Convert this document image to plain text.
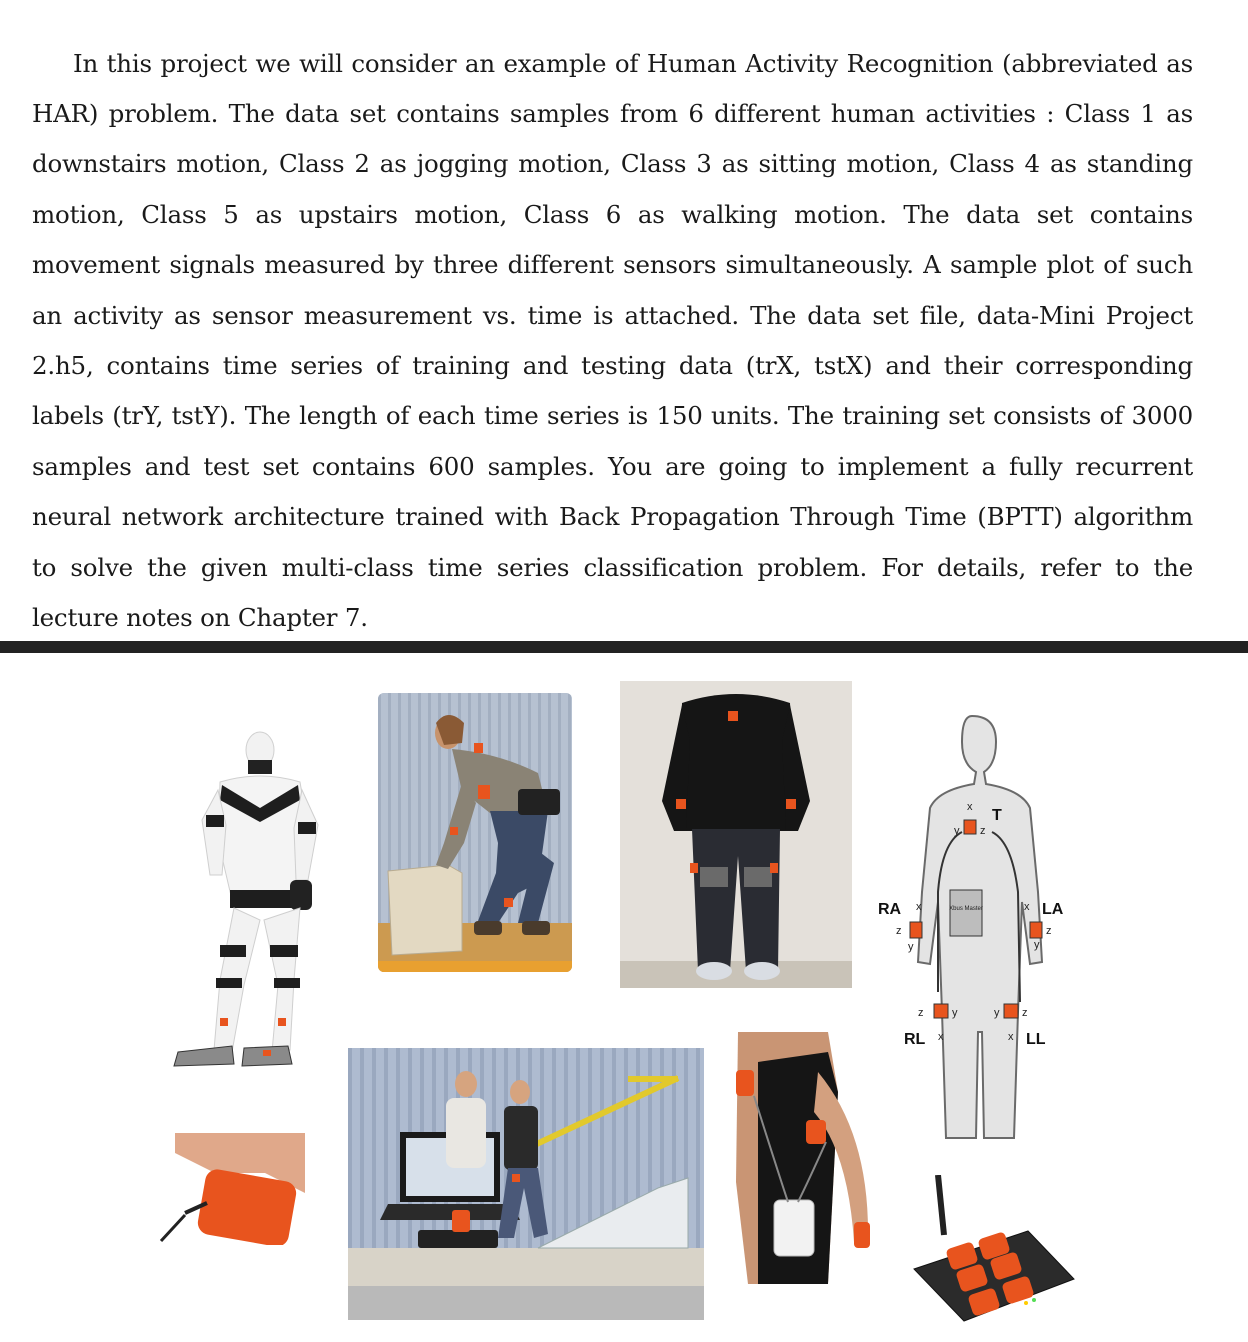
In this project we will consider an example of Human Activity Recognition (abbreviated as HAR) problem. The data set contains samples from 6 different human activities : Class 1 as downstairs motion, Class 2 as jogging motion, Class 3 as sitting motion, Class 4 as standing motion, Class 5 as upstairs motion, Class 6 as walking motion. The data set contains movement signals measured by three different sensors simultaneously. A sample plot of such an activity as sensor measurement vs. time is attached. The data set file, data-Mini Project 2.h5, contains time series of training and testing data (trX, tstX) and their corresponding labels (trY, tstY). The length of each time series is 150 units. The training set consists of 3000 samples and test set contains 600 samples. You are going to implement a fully recurrent neural network architecture trained with Back Propagation Through Time (BPTT) algorithm to solve the given multi-class time series classification problem. For details, refer to the lecture notes on Chapter 7.

Xbus Master
T
x
y z
RA	LA
x
z
y
x
z
y
RL	LL
z	y
x
y z
x
